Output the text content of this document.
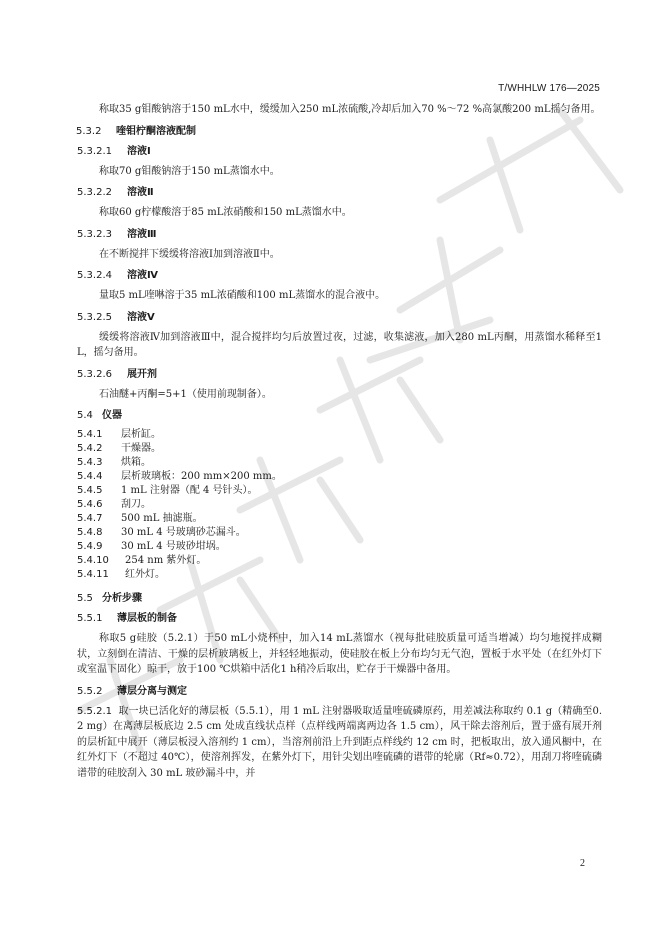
T/WHHLW 176—2025

称取35 g钼酸钠溶于150 mL水中，缓缓加入250 mL浓硫酸,冷却后加入70 %～72 %高氯酸200 mL摇匀备用。

5.3.2 喹钼柠酮溶液配制
5.3.2.1 溶液Ⅰ

称取70 g钼酸钠溶于150 mL蒸馏水中。

5.3.2.2 溶液Ⅱ

称取60 g柠檬酸溶于85 mL浓硝酸和150 mL蒸馏水中。

5.3.2.3 溶液Ⅲ

在不断搅拌下缓缓将溶液Ⅰ加到溶液Ⅱ中。

5.3.2.4 溶液Ⅳ

量取5 mL喹啉溶于35 mL浓硝酸和100 mL蒸馏水的混合液中。

5.3.2.5 溶液Ⅴ

缓缓将溶液Ⅳ加到溶液Ⅲ中，混合搅拌均匀后放置过夜，过滤，收集滤液，加入280 mL丙酮，用蒸馏水稀释至1 L，摇匀备用。

5.3.2.6 展开剂

石油醚+丙酮=5+1（使用前现制备）。

5.4 仪器
5.4.1 层析缸。
5.4.2 干燥器。
5.4.3 烘箱。
5.4.4 层析玻璃板：200 mm×200 mm。
5.4.5 1 mL 注射器（配 4 号针头）。
5.4.6 刮刀。
5.4.7 500 mL 抽滤瓶。
5.4.8 30 mL 4 号玻璃砂芯漏斗。
5.4.9 30 mL 4 号玻砂坩埚。
5.4.10 254 nm 紫外灯。
5.4.11 红外灯。
5.5 分析步骤
5.5.1 薄层板的制备

称取5 g硅胶（5.2.1）于50 mL小烧杯中，加入14 mL蒸馏水（视每批硅胶质量可适当增减）均匀地搅拌成糊状，立刻倒在清洁、干燥的层析玻璃板上，并轻轻地振动，使硅胶在板上分布均匀无气泡，置板于水平处（在红外灯下或室温下固化）晾干，放于100 ℃烘箱中活化1 h稍冷后取出，贮存于干燥器中备用。

5.5.2 薄层分离与测定

5.5.2.1 取一块已活化好的薄层板（5.5.1），用 1 mL 注射器吸取适量喹硫磷原药，用差减法称取约 0.1 g（精确至0.2 mg）在离薄层板底边 2.5 cm 处成直线状点样（点样线两端离两边各 1.5 cm），风干除去溶剂后，置于盛有展开剂的层析缸中展开（薄层板浸入溶剂约 1 cm），当溶剂前沿上升到距点样线约 12 cm 时，把板取出，放入通风橱中，在红外灯下（不超过 40℃），使溶剂挥发，在紫外灯下，用针尖划出喹硫磷的谱带的轮廓（Rf≈0.72），用刮刀将喹硫磷谱带的硅胶刮入 30 mL 玻砂漏斗中，并

2
